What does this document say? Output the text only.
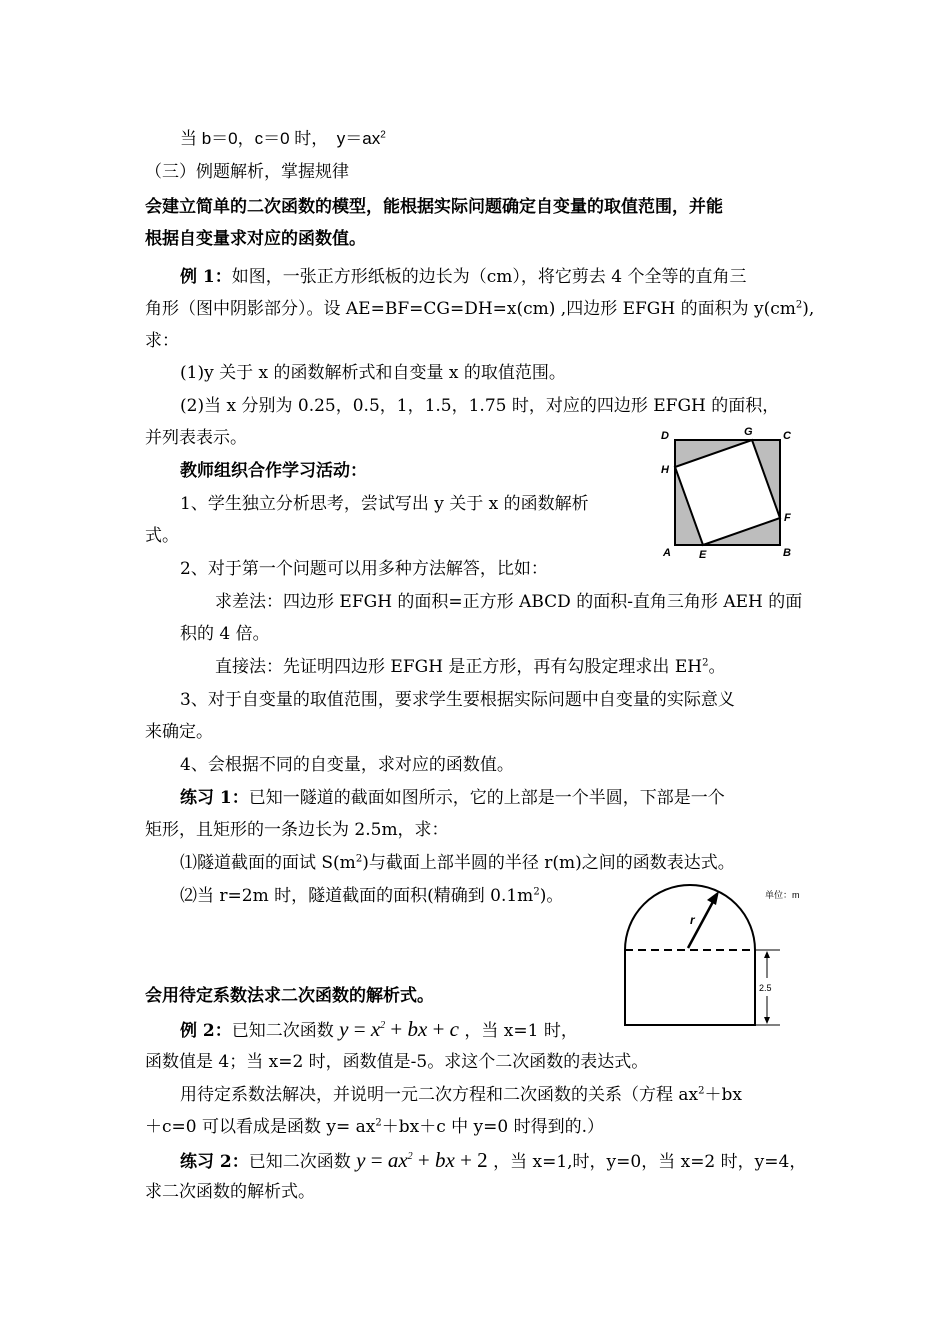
当 b＝0，c＝0 时，　$y=ax^2$
（三）例题解析，掌握规律
会建立简单的二次函数的模型，能根据实际问题确定自变量的取值范围，并能
根据自变量求对应的函数值。
例 1：如图，一张正方形纸板的边长为（cm），将它剪去 4 个全等的直角三
角形（图中阴影部分）。设 AE=BF=CG=DH=x(cm) ,四边形 EFGH 的面积为 $y(cm^2)$,
求：
(1)y 关于 x 的函数解析式和自变量 x 的取值范围。
(2)当 x 分别为 0.25，0.5，1，1.5，1.75 时，对应的四边形 EFGH 的面积，
并列表表示。
教师组织合作学习活动：
1、学生独立分析思考，尝试写出 y 关于 x 的函数解析
式。
2、对于第一个问题可以用多种方法解答，比如：
求差法：四边形 EFGH 的面积=正方形 ABCD 的面积-直角三角形 AEH 的面
积的 4 倍。
直接法：先证明四边形 EFGH 是正方形，再有勾股定理求出 $EH^2$。
3、对于自变量的取值范围，要求学生要根据实际问题中自变量的实际意义
来确定。
4、会根据不同的自变量，求对应的函数值。
练习 1：已知一隧道的截面如图所示，它的上部是一个半圆，下部是一个
矩形，且矩形的一条边长为 2.5m，求：
⑴隧道截面的面试 $S(m^2)$与截面上部半圆的半径 r(m)之间的函数表达式。
⑵当 r=2m 时，隧道截面的面积(精确到 $0.1m^2$)。
会用待定系数法求二次函数的解析式。
例 2：已知二次函数 $y = x^2$ + bx + c ，当 x=1 时，
函数值是 4；当 x=2 时，函数值是-5。求这个二次函数的表达式。
用待定系数法解决，并说明一元二次方程和二次函数的关系（方程 $ax^2+bx$
＋c=0 可以看成是函数 $y= ax^2+bx+c$ 中 y=0 时得到的.）
练习 2：已知二次函数 $y = ax^2$ + bx + 2 ，当 x=1,时，y=0，当 x=2 时，y=4，
求二次函数的解析式。
D	G	C
H
F
A	E	B
r
单位：m
2.5
